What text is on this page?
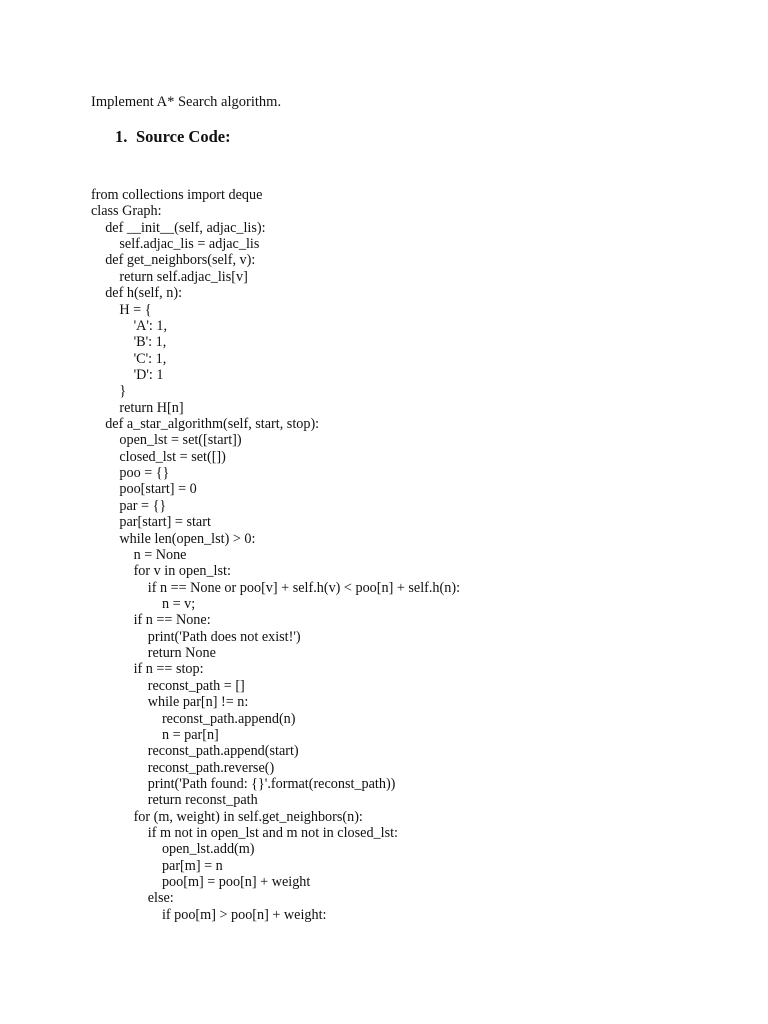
Implement A* Search algorithm.
1. Source Code:
from collections import deque
class Graph:
def __init__(self, adjac_lis):
self.adjac_lis = adjac_lis
def get_neighbors(self, v):
return self.adjac_lis[v]
def h(self, n):
H = {
'A': 1,
'B': 1,
'C': 1,
'D': 1
}
return H[n]
def a_star_algorithm(self, start, stop):
open_lst = set([start])
closed_lst = set([])
poo = {}
poo[start] = 0
par = {}
par[start] = start
while len(open_lst) > 0:
n = None
for v in open_lst:
if n == None or poo[v] + self.h(v) < poo[n] + self.h(n):
n = v;
if n == None:
print('Path does not exist!')
return None
if n == stop:
reconst_path = []
while par[n] != n:
reconst_path.append(n)
n = par[n]
reconst_path.append(start)
reconst_path.reverse()
print('Path found: {}'.format(reconst_path))
return reconst_path
for (m, weight) in self.get_neighbors(n):
if m not in open_lst and m not in closed_lst:
open_lst.add(m)
par[m] = n
poo[m] = poo[n] + weight
else:
if poo[m] > poo[n] + weight:
